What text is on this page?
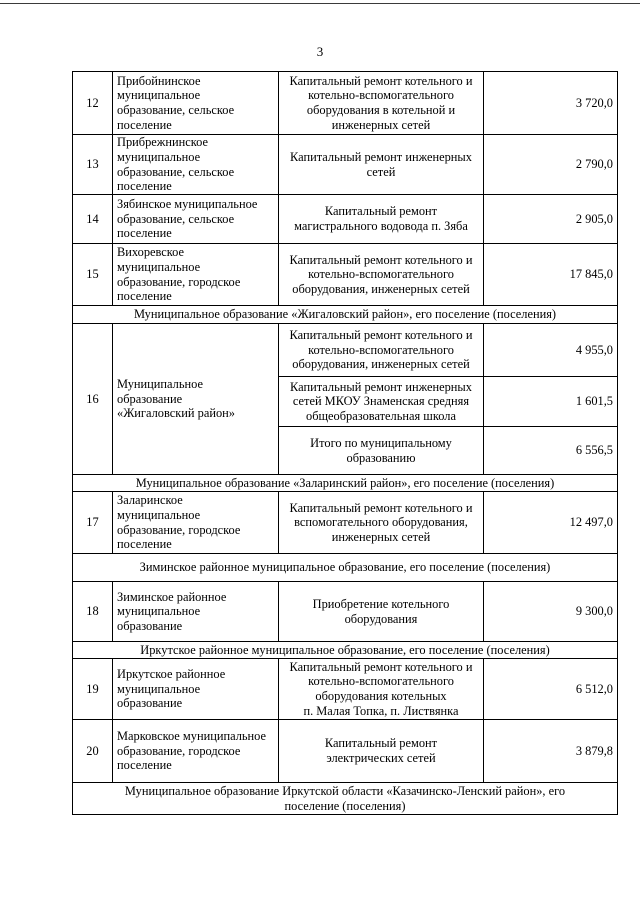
3
12	Прибойнинское
муниципальное
образование, сельское
поселение	Капитальный ремонт котельного и
котельно-вспомогательного
оборудования в котельной и
инженерных сетей	3 720,0
13	Прибрежнинское
муниципальное
образование, сельское
поселение	Капитальный ремонт инженерных
сетей	2 790,0
14	Зябинское муниципальное
образование, сельское
поселение	Капитальный ремонт
магистрального водовода п. Зяба	2 905,0
15	Вихоревское
муниципальное
образование, городское
поселение	Капитальный ремонт котельного и
котельно-вспомогательного
оборудования, инженерных сетей	17 845,0

Муниципальное образование «Жигаловский район», его поселение (поселения)			

16	Муниципальное
образование
«Жигаловский район»	Капитальный ремонт котельного и
котельно-вспомогательного
оборудования, инженерных сетей	4 955,0

		Капитальный ремонт инженерных
сетей МКОУ Знаменская средняя
общеобразовательная школа	1 601,5

		Итого по муниципальному
образованию	6 556,5

Муниципальное образование «Заларинский район», его поселение (поселения)			

17	Заларинское
муниципальное
образование, городское
поселение	Капитальный ремонт котельного и
вспомогательного оборудования,
инженерных сетей	12 497,0

Зиминское районное муниципальное образование, его поселение (поселения)			

18	Зиминское районное
муниципальное
образование	Приобретение котельного
оборудования	9 300,0

Иркутское районное муниципальное образование, его поселение (поселения)			

19	Иркутское районное
муниципальное
образование	Капитальный ремонт котельного и
котельно-вспомогательного
оборудования котельных
п. Малая Топка, п. Листвянка	6 512,0
20	Марковское муниципальное
образование, городское
поселение	Капитальный ремонт
электрических сетей	3 879,8

Муниципальное образование Иркутской области «Казачинско-Ленский район», его
поселение (поселения)			
